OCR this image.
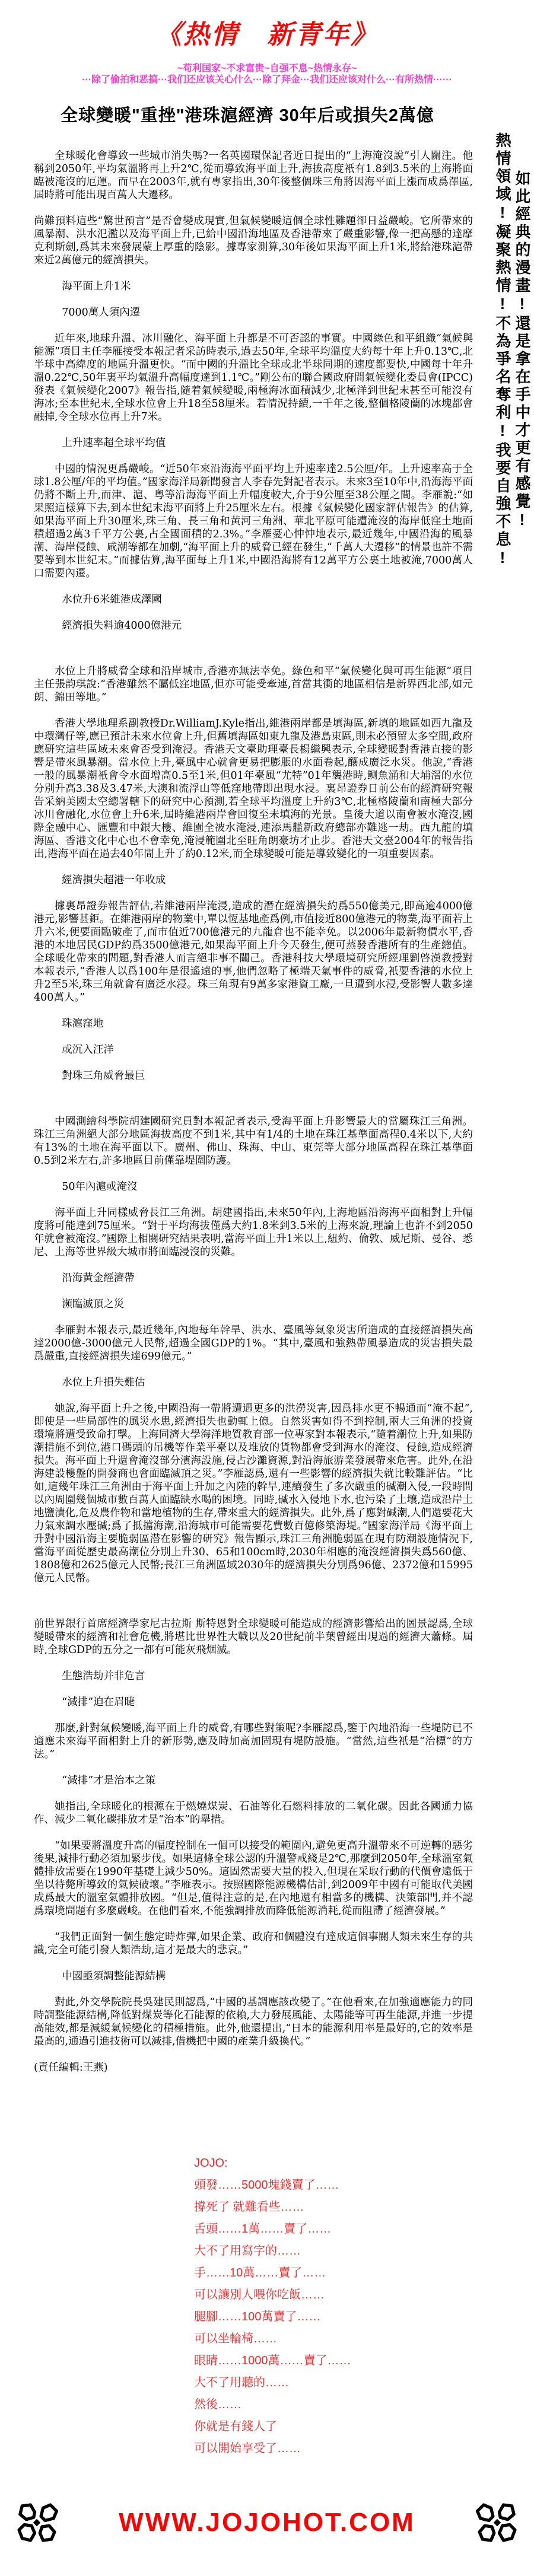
《热情　新青年》
~苟利国家~不求富贵~自强不息~热情永存~
···除了偷拍和恶搞···我们还应该关心什么···除了拜金···我们还应该对什么···有所热情······
熱情領域!凝聚熱情!不為爭名奪利!我要自強不息! 如此經典的漫畫!還是拿在手中才更有感覺!
全球變暖"重挫"港珠滬經濟 30年后或損失2萬億

全球暖化會導致一些城市消失嗎?一名英國環保記者近日提出的“上海淹沒說”引人關注。他稱到2050年,平均氣溫將再上升2℃,從而導致海平面上升,海拔高度衹有1.8到3.5米的上海將面臨被淹沒的厄運。而早在2003年,就有專家指出,30年後整個珠三角將因海平面上漲而成爲澤區,屆時將可能出現百萬人大遷移。

尚難預料這些“驚世預言”是否會變成現實,但氣候變暖這個全球性難題卻日益嚴峻。它所帶來的風暴潮、洪水氾濫以及海平面上升,已給中國沿海地區及香港帶來了嚴重影響,像一把高懸的達摩克利斯劍,爲其未來發展蒙上厚重的陰影。據專家測算,30年後如果海平面上升1米,將給港珠滬帶來近2萬億元的經濟損失。

海平面上升1米
7000萬人須內遷

近年來,地球升溫、冰川融化、海平面上升都是不可否認的事實。中國綠色和平組織“氣候與能源”項目主任李雁接受本報記者采訪時表示,過去50年,全球平均溫度大約每十年上升0.13℃,北半球中高緯度的地區升溫更快。“而中國的升溫比全球或北半球同期的速度都要快,中國每十年升溫0.22℃,50年裏平均氣溫升高幅度達到1.1℃。”剛公布的聯合國政府間氣候變化委員會(IPCC)發表《氣候變化2007》報告指,隨着氣候變暖,兩極海冰面積減少,北極洋到世紀末甚至可能沒有海冰;至本世紀末,全球水位會上升18至58厘米。若情況持續,一千年之後,整個格陵蘭的冰塊都會融掉,令全球水位再上升7米。

上升速率超全球平均值

中國的情況更爲嚴峻。“近50年來沿海海平面平均上升速率達2.5公厘/年。上升速率高于全球1.8公厘/年的平均值。”國家海洋局新聞發言人李春先對記者表示。未來3至10年中,沿海海平面仍將不斷上升,而津、滬、粵等沿海海平面上升幅度較大,介于9公厘至38公厘之間。李雁說:“如果照這樣算下去,到本世紀末海平面將上升25厘米左右。根據《氣候變化國家評估報告》的估算,如果海平面上升30厘米,珠三角、長三角和黃河三角洲、華北平原可能遭淹沒的海岸低窪土地面積超過2萬3千平方公裏,占全國面積的2.3%。”李雁憂心忡忡地表示,最近幾年,中國沿海的風暴潮、海岸侵蝕、咸潮等都在加劇,“海平面上升的威脅已經在發生,“千萬人大遷移”的情景也許不需要等到本世紀末。”而據估算,海平面每上升1米,中國沿海將有12萬平方公裏土地被淹,7000萬人口需要內遷。

水位升6米維港成澤國
經濟損失料逾4000億港元

水位上升將威脅全球和沿岸城市,香港亦無法幸免。綠色和平“氣候變化與可再生能源”項目主任張韵琪說:“香港雖然不屬低窪地區,但亦可能受牽連,首當其衝的地區相信是新界西北部,如元朗、錦田等地。”

香港大學地理系副教授Dr.WilliamJ.Kyle指出,維港兩岸都是填海區,新填的地區如西九龍及中環灣仔等,應已預計未來水位會上升,但舊填海區如東九龍及港島東區,則未必預留太多空間,政府應研究這些區域未來會否受到淹浸。香港天文臺助理臺長楊繼興表示,全球變暖對香港直接的影響是帶來風暴潮。當水位上升,臺風中心就會更易把膨脹的水面卷起,釀成廣泛水災。他說,“香港一般的風暴潮衹會令水面增高0.5至1米,但01年臺風“尤特”01年襲港時,鲗魚涌和大埔滘的水位分別升高3.38及3.47米,大澳和流浮山等低窪地帶即出現水浸。裏昂證券日前公布的經濟研究報告采納美國太空總署轄下的研究中心預測,若全球平均溫度上升約3℃,北極格陵蘭和南極大部分冰川會融化,水位會上升6米,屆時維港兩岸會回復至未填海的光景。皇後大道以南會被水淹沒,國際金融中心、匯豐和中銀大樓、維園全被水淹浸,連添馬艦新政府總部亦難逃一劫。西九龍的填海區、香港文化中心也不會幸免,淹浸範圍北至旺角朗豪坊才止步。香港天文臺2004年的報告指出,港海平面在過去40年間上升了約0.12米,而全球變暖可能是導致變化的一項重要因素。

經濟損失超港一年收成

據裏昂證券報告評估,若維港兩岸淹浸,造成的潛在經濟損失約爲550億美元,即高逾4000億港元,影響甚鉅。在維港兩岸的物業中,單以恆基地產爲例,市值接近800億港元的物業,海平面若上升六米,便要面臨破產了,而市值近700億港元的九龍倉也不能幸免。以2006年最新物價水平,香港的本地居民GDP約爲3500億港元,如果海平面上升今天發生,便可蒸發香港所有的生產總值。全球暖化帶來的問題,對香港人而言絕非事不關己。香港科技大學環境研究所經理劉啓漢教授對本報表示,“香港人以爲100年是很遙遠的事,他們忽略了極端天氣事件的威脅,衹要香港的水位上升2至5米,珠三角就會有廣泛水浸。珠三角現有9萬多家港資工廠,一旦遭到水浸,受影響人數多達400萬人。”

珠滬窪地
或沉入汪洋
對珠三角威脅最巨

中國測繪科學院胡建國研究員對本報記者表示,受海平面上升影響最大的當屬珠江三角洲。珠江三角洲絕大部分地區海拔高度不到1米,其中有1/4的土地在珠江基準面高程0.4米以下,大約有13%的土地在海平面以下。廣州、佛山、珠海、中山、東莞等大部分地區高程在珠江基準面0.5到2米左右,許多地區目前僅靠堤圍防護。

50年內滬或淹沒

海平面上升同樣威脅長江三角洲。胡建國指出,未來50年內,上海地區沿海海平面相對上升幅度將可能達到75厘米。“對于平均海拔僅爲大約1.8米到3.5米的上海來說,理論上也許不到2050年就會被淹沒。”國際上相關研究結果表明,當海平面上升1米以上,紐約、倫敦、威尼斯、曼谷、悉尼、上海等世界級大城市將面臨浸沒的災難。

沿海黃金經濟帶
瀕臨滅頂之災

李雁對本報表示,最近幾年,內地每年幹旱、洪水、臺風等氣象災害所造成的直接經濟損失高達2000億-3000億元人民幣,超過全國GDP的1%。“其中,臺風和強熱帶風暴造成的災害損失最爲嚴重,直接經濟損失達699億元。”

水位上升損失難估

她說,海平面上升之後,中國沿海一帶將遭遇更多的洪澇災害,因爲排水更不暢通而“淹不起”,即使是一些局部性的風災水患,經濟損失也動輒上億。自然災害如得不到控制,兩大三角洲的投資環境將遭受致命打擊。上海同濟大學海洋地質教育部一位專家對本報表示,“隨着潮位上升,如果防潮措施不到位,港口碼頭的吊機等作業平臺以及堆放的貨物都會受到海水的淹沒、侵蝕,造成經濟損失。海平面上升還會淹沒部分濱海設施,侵占沙灘資源,對沿海旅游業發展帶來危害。此外,在沿海建設樓盤的開發商也會面臨滅頂之災。”李雁認爲,還有一些影響的經濟損失就比較難評估。“比如,這幾年珠江三角洲由于海平面上升加之內陸的幹旱,連續發生了多次嚴重的碱潮入侵,一段時間以內周圍幾個城市數百萬人面臨缺水喝的困境。同時,碱水入侵地下水,也污染了土壤,造成沿岸土地鹽漬化,危及農作物和當地植物的生存,帶來重大的經濟損失。此外,爲了應對碱潮,人們還要花大力氣來調水壓碱;爲了抵擋海潮,沿海城市可能需要花費數百億修築海堤。”國家海洋局《海平面上升對中國沿海主要脆弱區潜在影響的研究》報告顯示,珠江三角洲脆弱區在現有防潮設施情況下,當海平面從歷史最高潮位分別上升30、65和100cm時,2030年相應的淹沒經濟損失爲560億、1808億和2625億元人民幣;長江三角洲區域2030年的經濟損失分別爲96億、2372億和15995億元人民幣。

前世界銀行首席經濟學家尼古拉斯 斯特恩對全球變暖可能造成的經濟影響給出的圖景認爲,全球變暖帶來的經濟和社會危機,將堪比世界性大戰以及20世紀前半葉曾經出現過的經濟大蕭條。屆時,全球GDP的五分之一都有可能灰飛烟滅。

生態浩劫并非危言
“減排”迫在眉睫

那麼,針對氣候變暖,海平面上升的威脅,有哪些對策呢?李雁認爲,鑒于內地沿海一些堤防已不適應未來海平面相對上升的新形勢,應及時加高加固現有堤防設施。“當然,這些衹是“治標”的方法。”

“減排”才是治本之策

她指出,全球暖化的根源在于燃燒煤炭、石油等化石燃料排放的二氧化碳。因此各國通力協作、減少二氧化碳排放才是“治本”的舉措。

“如果要將溫度升高的幅度控制在一個可以接受的範圍內,避免更高升溫帶來不可逆轉的惡劣後果,減排行動必須加緊步伐。如果這條全球公認的升溫警戒綫是2℃,那麼到2050年,全球溫室氣體排放需要在1990年基礎上減少50%。這固然需要大量的投入,但現在采取行動的代價會遠低于坐以待斃所導致的氣候破壞。”李雁表示。按照國際能源機構估計,到2009年中國有可能取代美國成爲最大的溫室氣體排放國。“但是,值得注意的是,在內地還有相當多的機構、決策部門,并不認爲環境問題有多麼嚴峻。在他們看來,不能強調排放而降低能源消耗,從而阻滯了經濟發展。”

“我們正面對一個生態定時炸彈,如果企業、政府和個體沒有達成這個事關人類未來生存的共識,完全可能引發人類浩劫,這才是最大的悲哀。”

中國亟須調整能源結構

對此,外交學院院長吳建民則認爲,“中國的基調應該改變了。”在他看來,在加強適應能力的同時調整能源結構,降低對煤炭等化石能源的依賴,大力發展風能、太陽能等可再生能源,并進一步提高能效,都是減緩氣候變化的積極措施。此外,他還提出,“日本的能源利用率是最好的,它的效率是最高的,通過引進技術可以減排,借機把中國的產業升級換代。”

(責任編輯:王燕)

JOJO:
頭發……5000塊錢賣了……
撐死了 就難看些……
舌頭……1萬……賣了……
大不了用寫字的……
手……10萬……賣了……
可以讓別人喂你吃飯……
腿腳……100萬賣了……
可以坐輪椅……
眼睛……1000萬……賣了……
大不了用聽的……
然後……
你就是有錢人了
可以開始享受了……
WWW.JOJOHOT.COM
